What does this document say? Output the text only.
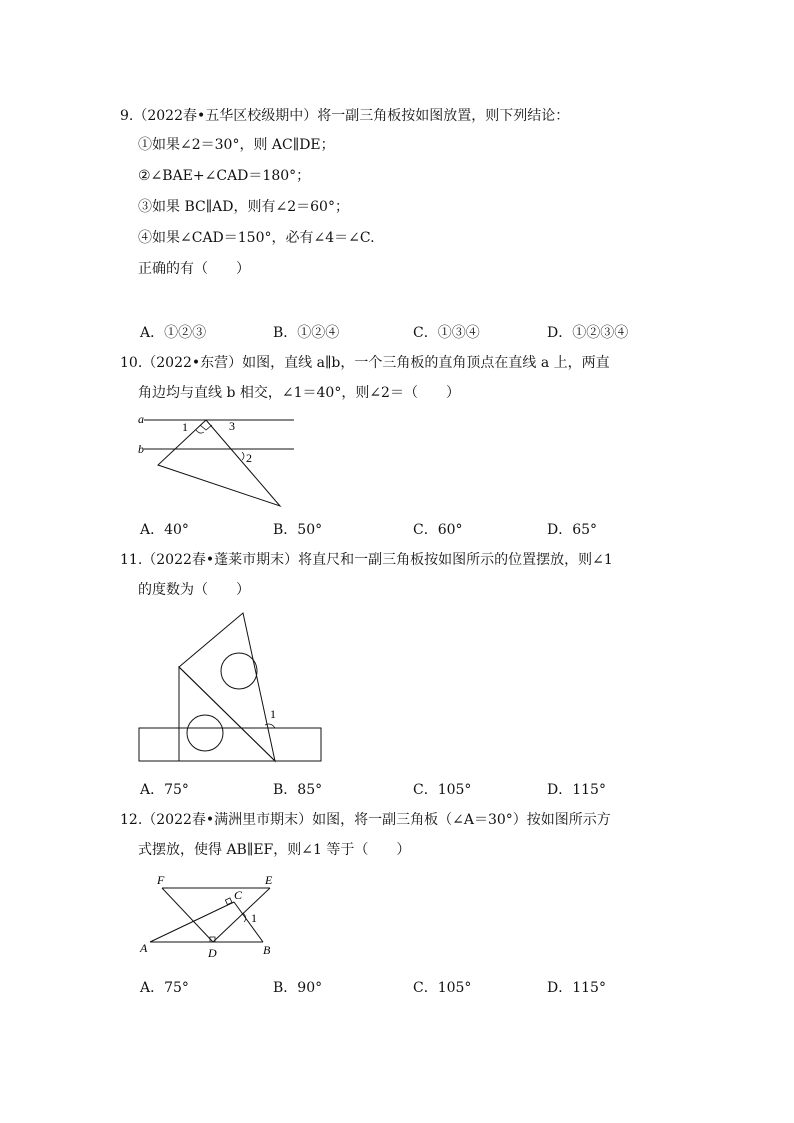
9.（2022春•五华区校级期中）将一副三角板按如图放置，则下列结论：
①如果∠2＝30°，则 AC∥DE；
②∠BAE+∠CAD＝180°；
③如果 BC∥AD，则有∠2＝60°；
④如果∠CAD＝150°，必有∠4＝∠C.
正确的有（　　）
A．①②③	B．①②④	C．①③④	D．①②③④
10.（2022•东营）如图，直线 a∥b，一个三角板的直角顶点在直线 a 上，两直
角边均与直线 b 相交，∠1＝40°，则∠2＝（　　）
a
b
1	3
2
A．40°	B．50°	C．60°	D．65°
11.（2022春•蓬莱市期末）将直尺和一副三角板按如图所示的位置摆放，则∠1
的度数为（　　）
1
A．75°	B．85°	C．105°	D．115°
12.（2022春•满洲里市期末）如图，将一副三角板（∠A＝30°）按如图所示方
式摆放，使得 AB∥EF，则∠1 等于（　　）
F	E
C
A	D	B
1
A．75°	B．90°	C．105°	D．115°
